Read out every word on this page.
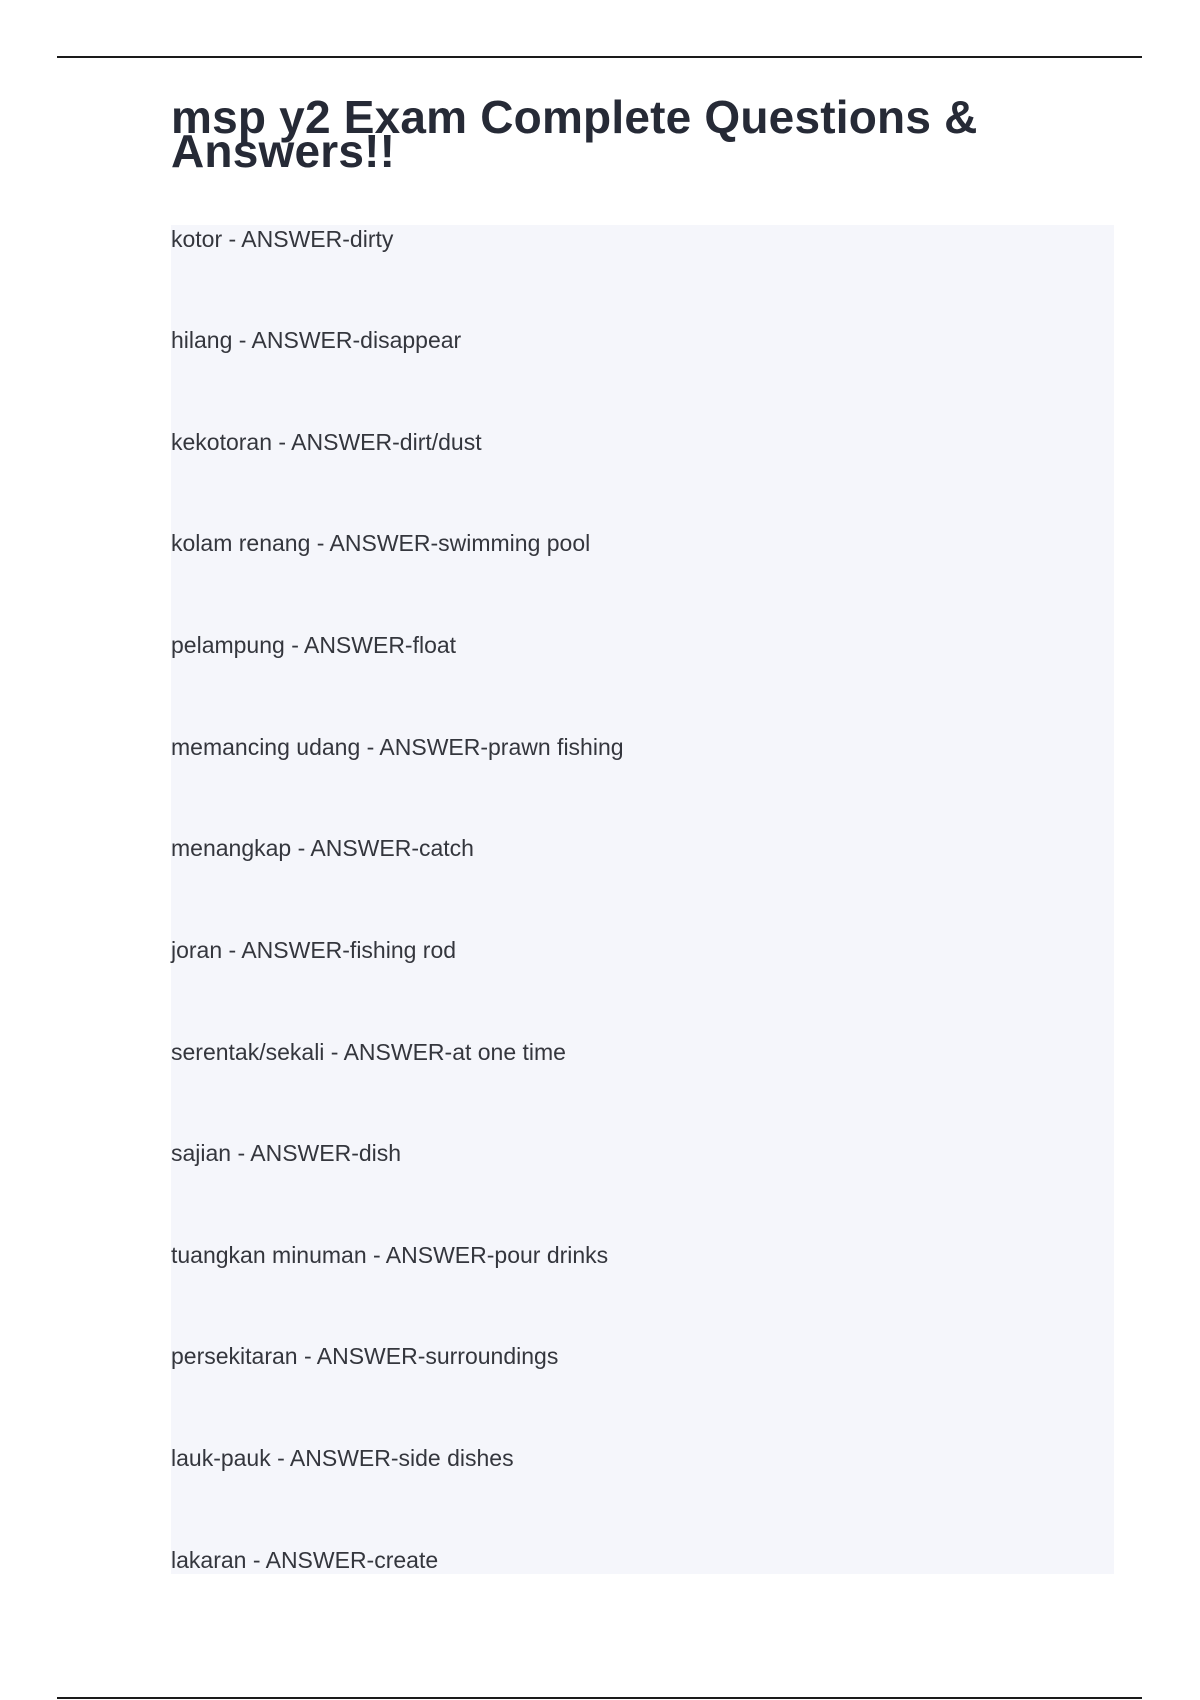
msp y2 Exam Complete Questions & Answers!!
kotor - ANSWER-dirty
hilang - ANSWER-disappear
kekotoran - ANSWER-dirt/dust
kolam renang - ANSWER-swimming pool
pelampung - ANSWER-float
memancing udang - ANSWER-prawn fishing
menangkap - ANSWER-catch
joran - ANSWER-fishing rod
serentak/sekali - ANSWER-at one time
sajian - ANSWER-dish
tuangkan minuman - ANSWER-pour drinks
persekitaran - ANSWER-surroundings
lauk-pauk - ANSWER-side dishes
lakaran - ANSWER-create
